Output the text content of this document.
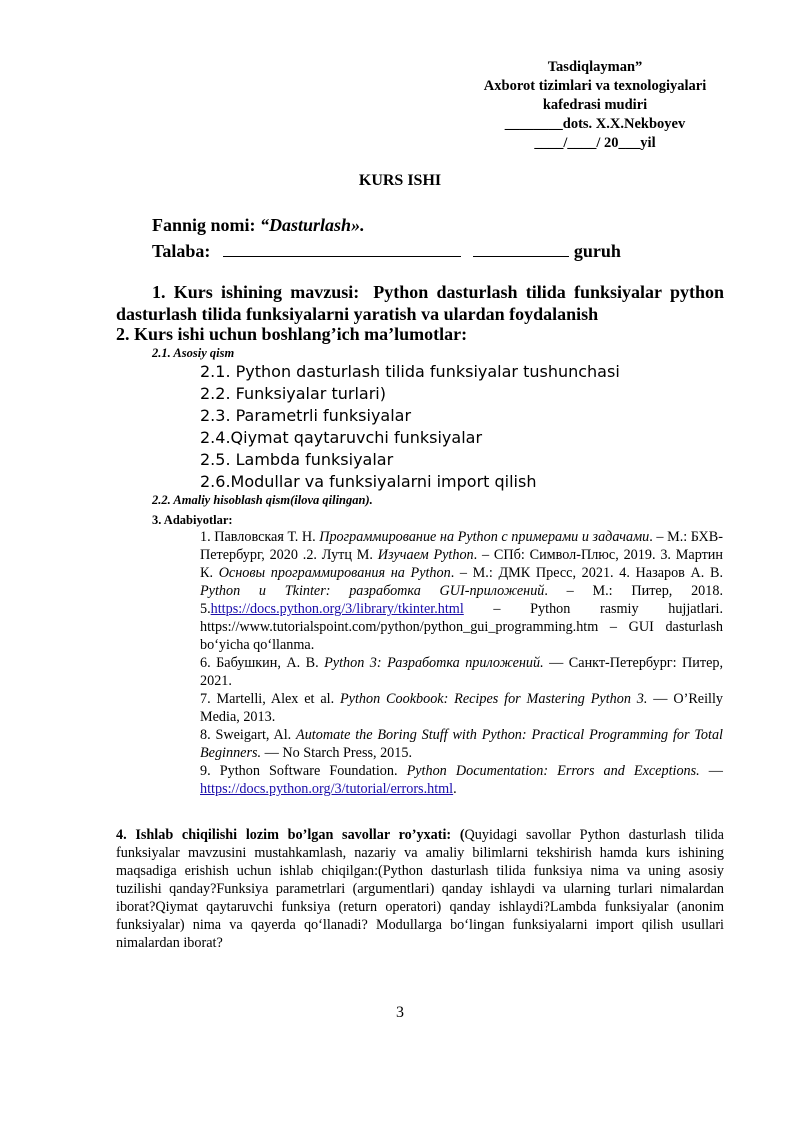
Tasdiqlayman”
Axborot tizimlari va texnologiyalari
kafedrasi mudiri
________dots. X.X.Nekboyev
____/____/ 20___yil
KURS ISHI
Fannig nomi: “Dasturlash».
Talaba:	guruh
1. Kurs ishining mavzusi: Python dasturlash tilida funksiyalar python dasturlash tilida funksiyalarni yaratish va ulardan foydalanish
2. Kurs ishi uchun boshlang’ich ma’lumotlar:
2.1. Asosiy qism
2.1. Python dasturlash tilida funksiyalar tushunchasi
2.2. Funksiyalar turlari)
2.3. Parametrli funksiyalar
2.4.Qiymat qaytaruvchi funksiyalar
2.5. Lambda funksiyalar
2.6.Modullar va funksiyalarni import qilish
2.2. Amaliy hisoblash qism(ilova qilingan).
3. Adabiyotlar:

1. Павловская Т. Н. Программирование на Python с примерами и задачами. – М.: БХВ-Петербург, 2020 .2. Лутц М. Изучаем Python. – СПб: Символ-Плюс, 2019. 3. Мартин К. Основы программирования на Python. – М.: ДМК Пресс, 2021. 4. Назаров А. В. Python и Tkinter: разработка GUI-приложений. – М.: Питер, 2018. 5.https://docs.python.org/3/library/tkinter.html – Python rasmiy hujjatlari. https://www.tutorialspoint.com/python/python_gui_programming.htm – GUI dasturlash bo‘yicha qo‘llanma.

6. Бабушкин, А. В. Python 3: Разработка приложений. — Санкт-Петербург: Питер, 2021.

7. Martelli, Alex et al. Python Cookbook: Recipes for Mastering Python 3. — O’Reilly Media, 2013.

8. Sweigart, Al. Automate the Boring Stuff with Python: Practical Programming for Total Beginners. — No Starch Press, 2015.

9. Python Software Foundation. Python Documentation: Errors and Exceptions. — https://docs.python.org/3/tutorial/errors.html.

4. Ishlab chiqilishi lozim bo’lgan savollar ro’yxati: (Quyidagi savollar Python dasturlash tilida funksiyalar mavzusini mustahkamlash, nazariy va amaliy bilimlarni tekshirish hamda kurs ishining maqsadiga erishish uchun ishlab chiqilgan:(Python dasturlash tilida funksiya nima va uning asosiy tuzilishi qanday?Funksiya parametrlari (argumentlari) qanday ishlaydi va ularning turlari nimalardan iborat?Qiymat qaytaruvchi funksiya (return operatori) qanday ishlaydi?Lambda funksiyalar (anonim funksiyalar) nima va qayerda qo‘llanadi? Modullarga bo‘lingan funksiyalarni import qilish usullari nimalardan iborat?
3
